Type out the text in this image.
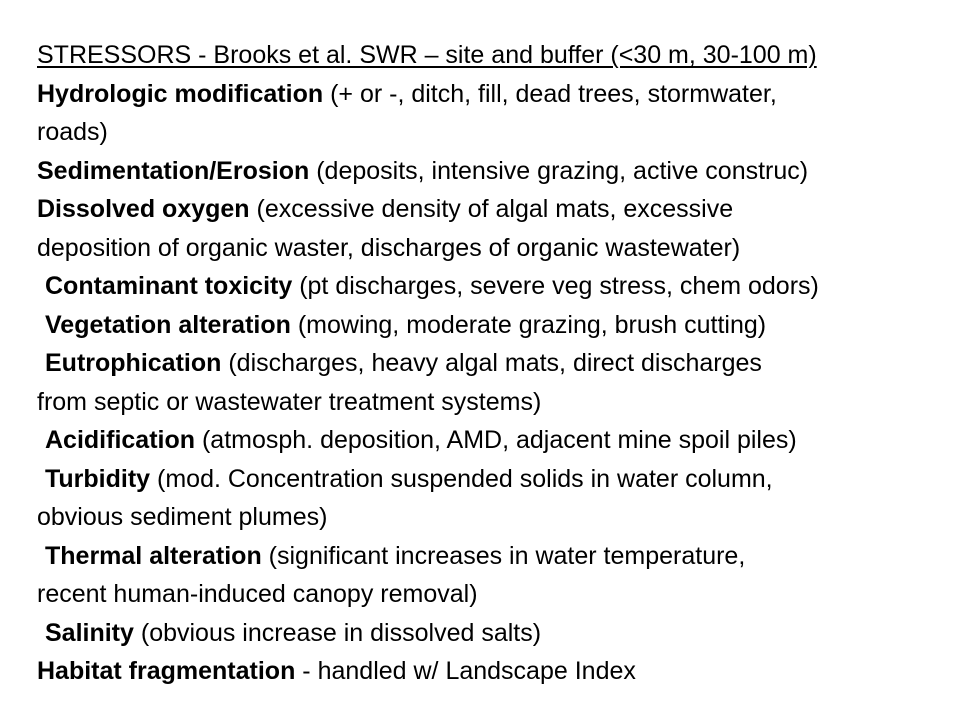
STRESSORS - Brooks et al. SWR – site and buffer (<30 m, 30-100 m)
Hydrologic modification (+ or -, ditch, fill, dead trees, stormwater,
roads)
Sedimentation/Erosion (deposits, intensive grazing, active construc)
Dissolved oxygen (excessive density of algal mats, excessive
deposition of organic waster, discharges of organic wastewater)
Contaminant toxicity (pt discharges, severe veg stress, chem odors)
Vegetation alteration (mowing, moderate grazing, brush cutting)
Eutrophication (discharges, heavy algal mats, direct discharges
from septic or wastewater treatment systems)
Acidification (atmosph. deposition, AMD, adjacent mine spoil piles)
Turbidity (mod. Concentration suspended solids in water column,
obvious sediment plumes)
Thermal alteration (significant increases in water temperature,
recent human-induced canopy removal)
Salinity (obvious increase in dissolved salts)
Habitat fragmentation - handled w/ Landscape Index
